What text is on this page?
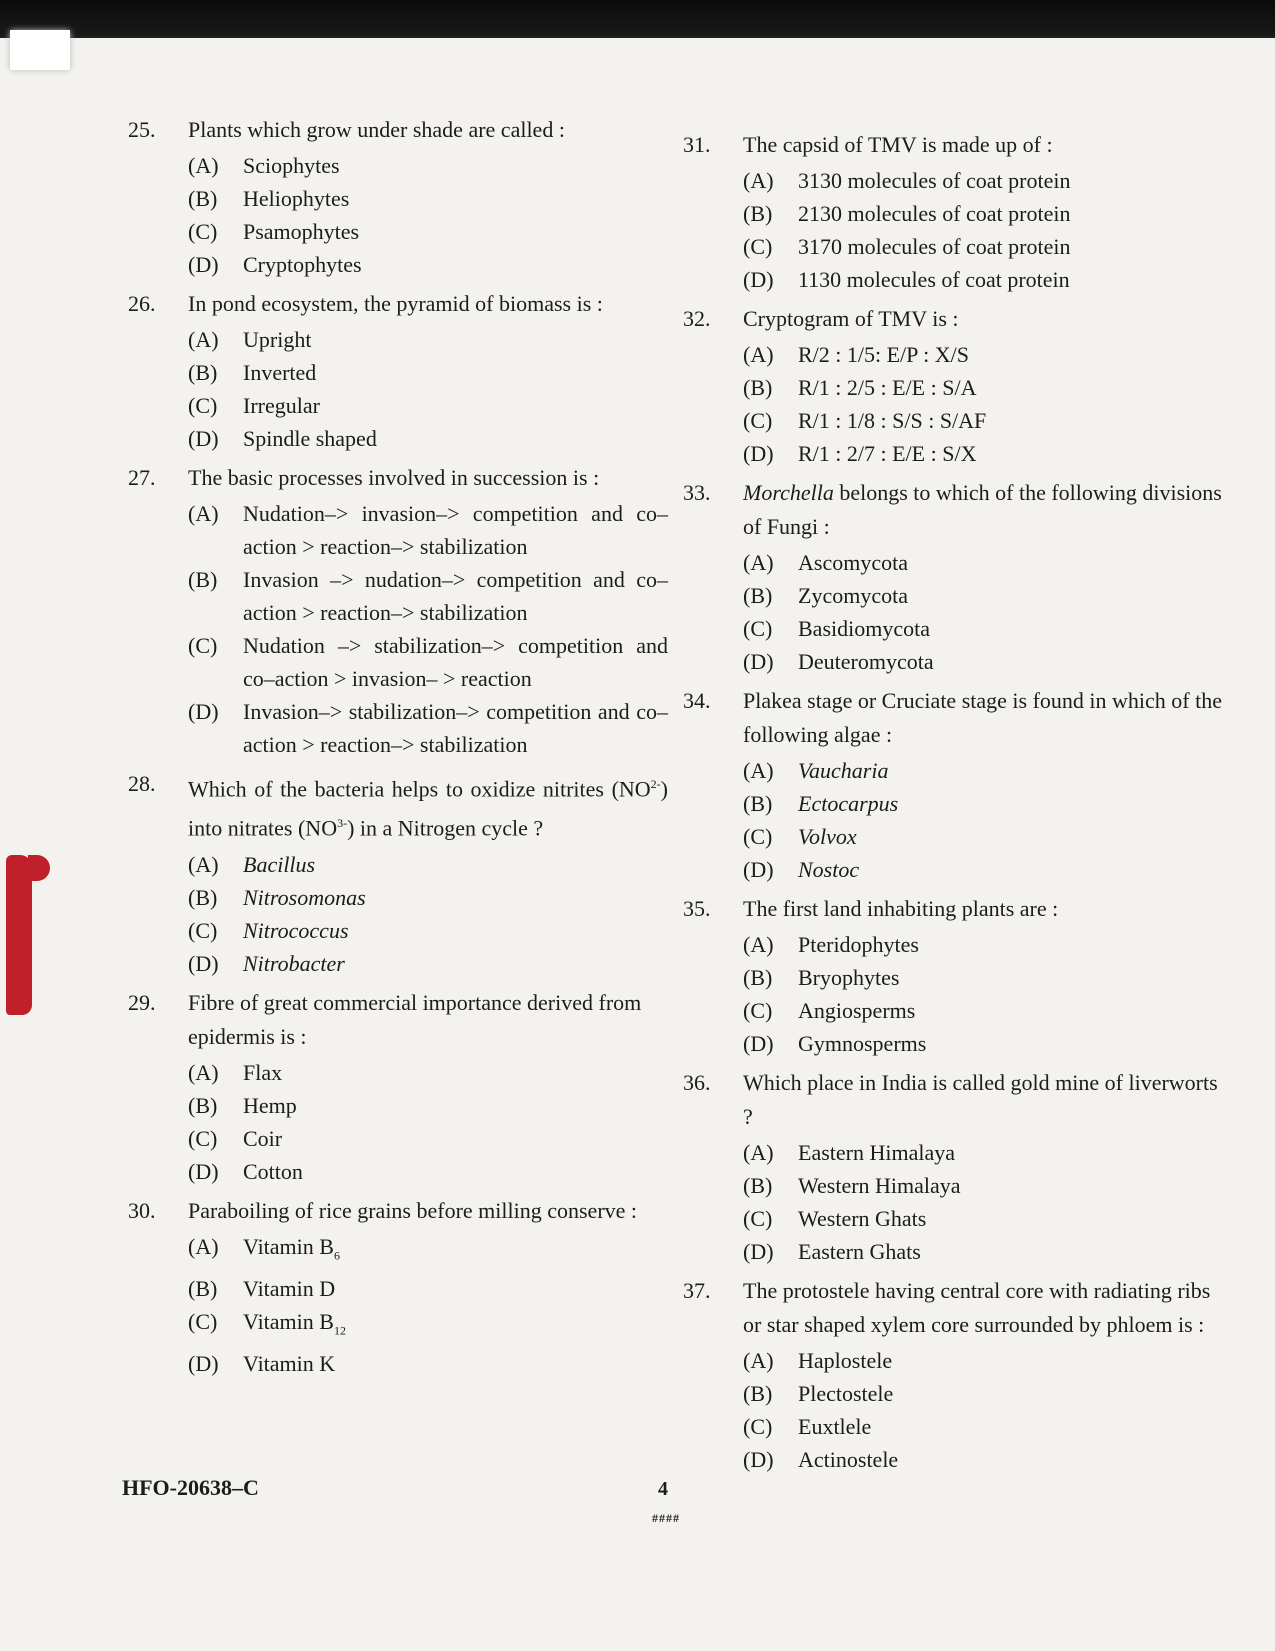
25.	Plants which grow under shade are called :
(A) Sciophytes
(B) Heliophytes
(C) Psamophytes
(D) Cryptophytes
26.	In pond ecosystem, the pyramid of biomass is :
(A) Upright
(B) Inverted
(C) Irregular
(D) Spindle shaped
27.	The basic processes involved in succession is :
(A) Nudation–> invasion–> competition and co–action > reaction–> stabilization
(B) Invasion –> nudation–> competition and co–action > reaction–> stabilization
(C) Nudation –> stabilization–> competition and co–action > invasion– > reaction
(D) Invasion–> stabilization–> competition and co–action > reaction–> stabilization
28.	Which of the bacteria helps to oxidize nitrites $(NO^{2-})$ into nitrates $(NO^{3-})$ in a Nitrogen cycle ?
(A) Bacillus
(B) Nitrosomonas
(C) Nitrococcus
(D) Nitrobacter
29.	Fibre of great commercial importance derived from epidermis is :
(A) Flax
(B) Hemp
(C) Coir
(D) Cotton
30.	Paraboiling of rice grains before milling conserve :
(A) Vitamin $B_6$
(B) Vitamin D
(C) Vitamin $B_{12}$
(D) Vitamin K
31.	The capsid of TMV is made up of :
(A) 3130 molecules of coat protein
(B) 2130 molecules of coat protein
(C) 3170 molecules of coat protein
(D) 1130 molecules of coat protein
32.	Cryptogram of TMV is :
(A) R/2 : 1/5: E/P : X/S
(B) R/1 : 2/5 : E/E : S/A
(C) R/1 : 1/8 : S/S : S/AF
(D) R/1 : 2/7 : E/E : S/X
33.	Morchella belongs to which of the following divisions of Fungi :
(A) Ascomycota
(B) Zycomycota
(C) Basidiomycota
(D) Deuteromycota
34.	Plakea stage or Cruciate stage is found in which of the following algae :
(A) Vaucharia
(B) Ectocarpus
(C) Volvox
(D) Nostoc
35.	The first land inhabiting plants are :
(A) Pteridophytes
(B) Bryophytes
(C) Angiosperms
(D) Gymnosperms
36.	Which place in India is called gold mine of liverworts ?
(A) Eastern Himalaya
(B) Western Himalaya
(C) Western Ghats
(D) Eastern Ghats
37.	The protostele having central core with radiating ribs or star shaped xylem core surrounded by phloem is :
(A) Haplostele
(B) Plectostele
(C) Euxtlele
(D) Actinostele
HFO-20638–C	4
####
